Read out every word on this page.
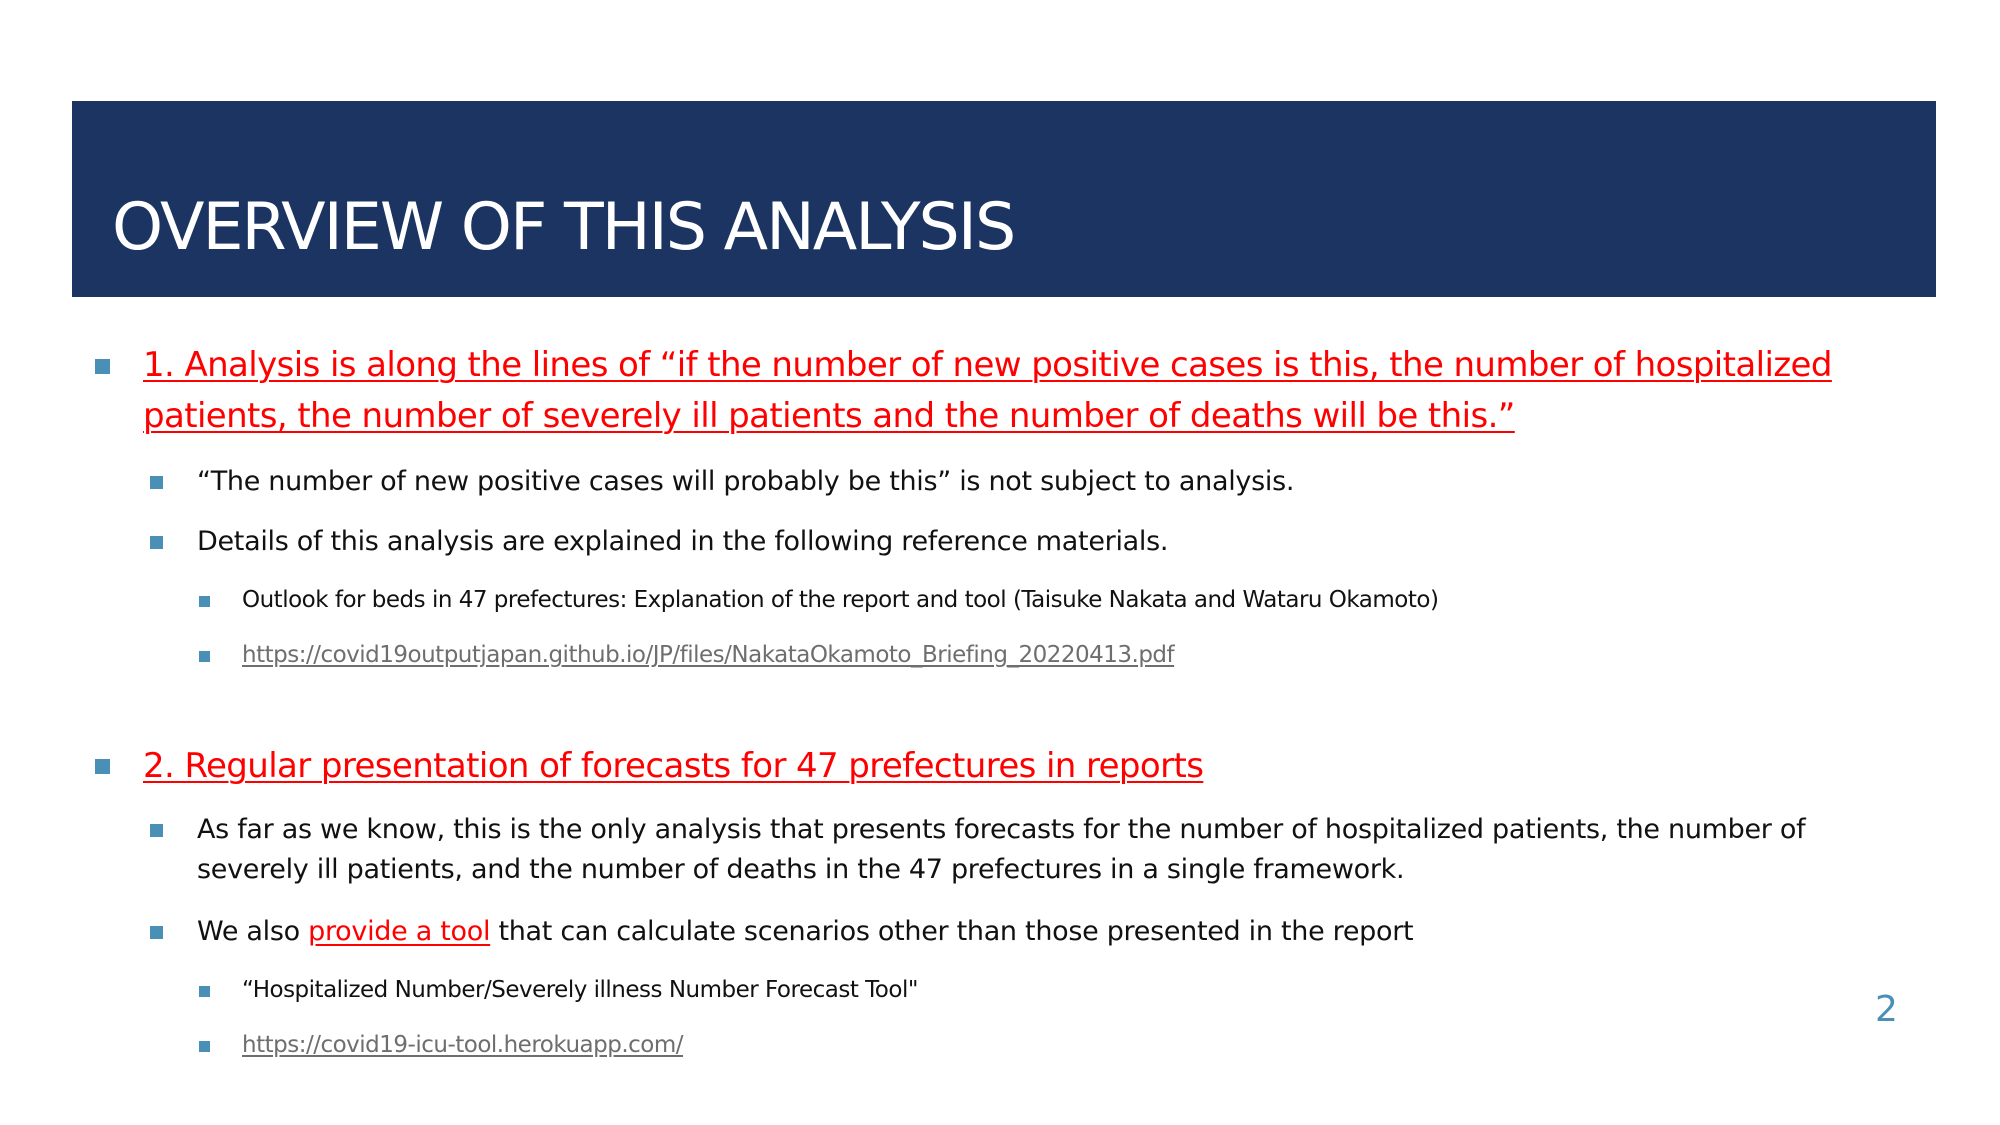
OVERVIEW OF THIS ANALYSIS
1. Analysis is along the lines of “if the number of new positive cases is this, the number of hospitalized
patients, the number of severely ill patients and the number of deaths will be this.”
“The number of new positive cases will probably be this” is not subject to analysis.
Details of this analysis are explained in the following reference materials.
Outlook for beds in 47 prefectures: Explanation of the report and tool (Taisuke Nakata and Wataru Okamoto)
https://covid19outputjapan.github.io/JP/files/NakataOkamoto_Briefing_20220413.pdf
2. Regular presentation of forecasts for 47 prefectures in reports
As far as we know, this is the only analysis that presents forecasts for the number of hospitalized patients, the number of
severely ill patients, and the number of deaths in the 47 prefectures in a single framework.
We also provide a tool that can calculate scenarios other than those presented in the report
“Hospitalized Number/Severely illness Number Forecast Tool"
https://covid19-icu-tool.herokuapp.com/
2
